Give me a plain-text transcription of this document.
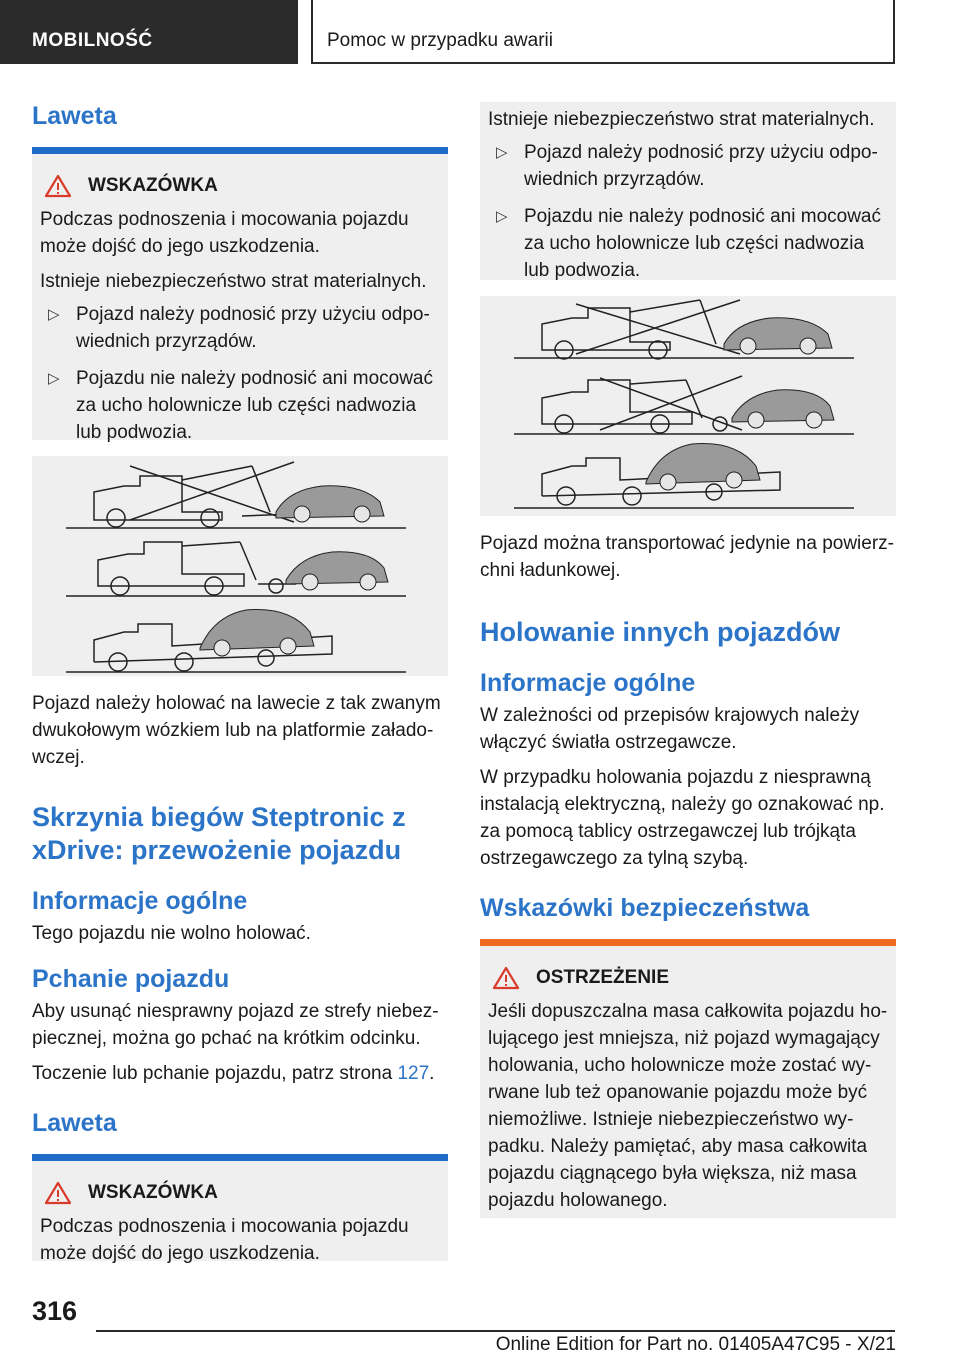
MOBILNOŚĆ	Pomoc w przypadku awarii
Laweta
WSKAZÓWKA

Podczas podnoszenia i mocowania pojazdu może dojść do jego uszkodzenia.

Istnieje niebezpieczeństwo strat materialnych.

▷ Pojazd należy podnosić przy użyciu odpowiednich przyrządów.
▷ Pojazdu nie należy podnosić ani mocować za ucho holownicze lub części nadwozia lub podwozia.

Pojazd należy holować na lawecie z tak zwanym dwukołowym wózkiem lub na platformie załadowczej.

Skrzynia biegów Steptronic z xDrive: przewożenie pojazdu
Informacje ogólne

Tego pojazdu nie wolno holować.

Pchanie pojazdu

Aby usunąć niesprawny pojazd ze strefy niebezpiecznej, można go pchać na krótkim odcinku.

Toczenie lub pchanie pojazdu, patrz strona 127.

Laweta
WSKAZÓWKA

Podczas podnoszenia i mocowania pojazdu może dojść do jego uszkodzenia.

Istnieje niebezpieczeństwo strat materialnych.

▷ Pojazd należy podnosić przy użyciu odpowiednich przyrządów.
▷ Pojazdu nie należy podnosić ani mocować za ucho holownicze lub części nadwozia lub podwozia.

Pojazd można transportować jedynie na powierzchni ładunkowej.

Holowanie innych pojazdów
Informacje ogólne

W zależności od przepisów krajowych należy włączyć światła ostrzegawcze.

W przypadku holowania pojazdu z niesprawną instalacją elektryczną, należy go oznakować np. za pomocą tablicy ostrzegawczej lub trójkąta ostrzegawczego za tylną szybą.

Wskazówki bezpieczeństwa
OSTRZEŻENIE

Jeśli dopuszczalna masa całkowita pojazdu holującego jest mniejsza, niż pojazd wymagający holowania, ucho holownicze może zostać wyrwane lub też opanowanie pojazdu może być niemożliwe. Istnieje niebezpieczeństwo wypadku. Należy pamiętać, aby masa całkowita pojazdu ciągnącego była większa, niż masa pojazdu holowanego.

316
Online Edition for Part no. 01405A47C95 - X/21
